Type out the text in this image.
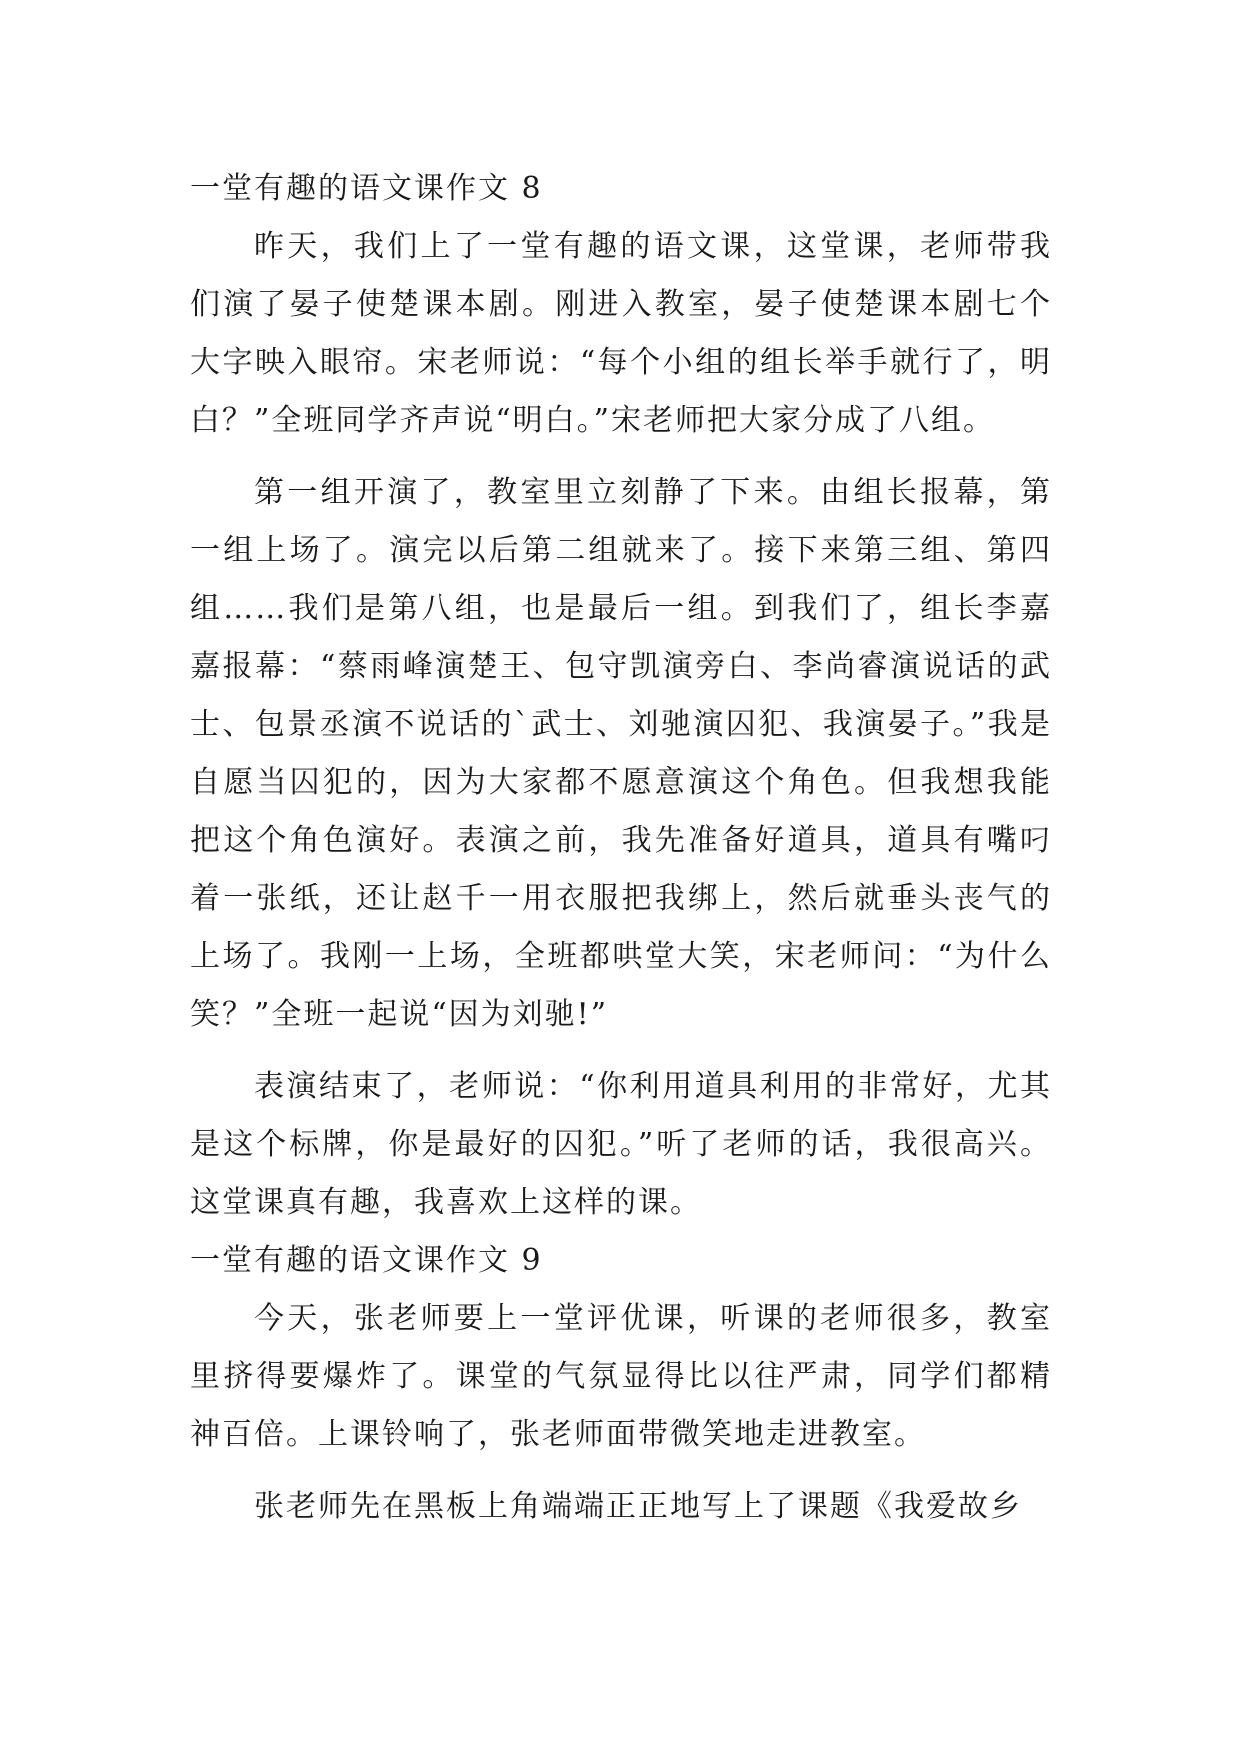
一堂有趣的语文课作文 8

昨天，我们上了一堂有趣的语文课，这堂课，老师带我们演了晏子使楚课本剧。刚进入教室，晏子使楚课本剧七个大字映入眼帘。宋老师说：“每个小组的组长举手就行了，明白？”全班同学齐声说“明白。”宋老师把大家分成了八组。

第一组开演了，教室里立刻静了下来。由组长报幕，第一组上场了。演完以后第二组就来了。接下来第三组、第四组……我们是第八组，也是最后一组。到我们了，组长李嘉嘉报幕：“蔡雨峰演楚王、包守凯演旁白、李尚睿演说话的武士、包景丞演不说话的`武士、刘驰演囚犯、我演晏子。”我是自愿当囚犯的，因为大家都不愿意演这个角色。但我想我能把这个角色演好。表演之前，我先准备好道具，道具有嘴叼着一张纸，还让赵千一用衣服把我绑上，然后就垂头丧气的上场了。我刚一上场，全班都哄堂大笑，宋老师问：“为什么笑？”全班一起说“因为刘驰!”

表演结束了，老师说：“你利用道具利用的非常好，尤其是这个标牌，你是最好的囚犯。”听了老师的话，我很高兴。这堂课真有趣，我喜欢上这样的课。

一堂有趣的语文课作文 9

今天，张老师要上一堂评优课，听课的老师很多，教室里挤得要爆炸了。课堂的气氛显得比以往严肃，同学们都精神百倍。上课铃响了，张老师面带微笑地走进教室。

张老师先在黑板上角端端正正地写上了课题《我爱故乡
